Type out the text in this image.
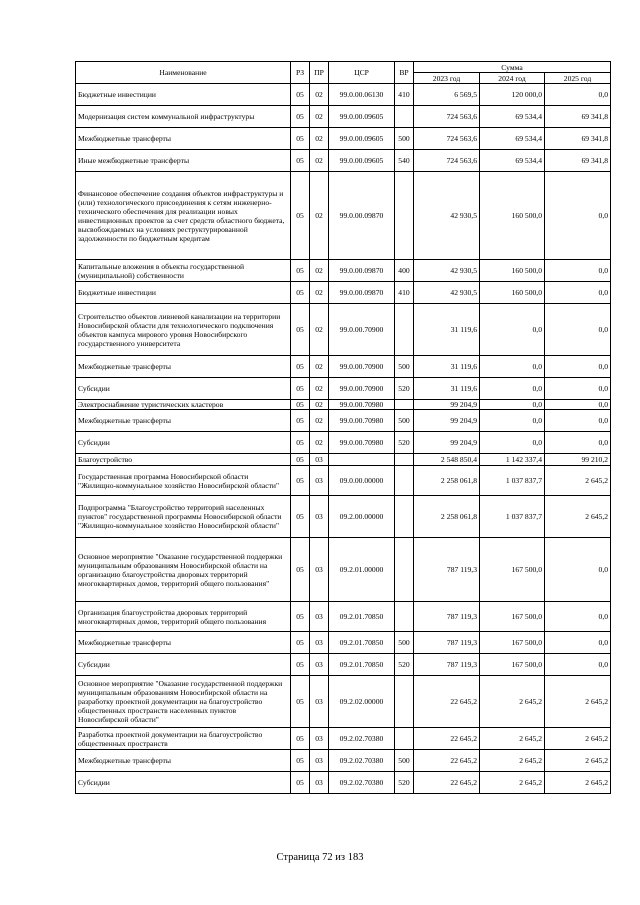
Наименование	РЗ	ПР	ЦСР	ВР	Сумма		
					2023 год	2024 год	2025 год
Бюджетные инвестиции	05	02	99.0.00.06130	410	6 569,5	120 000,0	0,0
Модернизация систем коммунальной инфраструктуры	05	02	99.0.00.09605		724 563,6	69 534,4	69 341,8
Межбюджетные трансферты	05	02	99.0.00.09605	500	724 563,6	69 534,4	69 341,8
Иные межбюджетные трансферты	05	02	99.0.00.09605	540	724 563,6	69 534,4	69 341,8
Финансовое обеспечение создания объектов инфраструктуры и (или) технологического присоединения к сетям инженерно-технического обеспечения для реализации новых инвестиционных проектов за счет средств областного бюджета, высвобождаемых на условиях реструктурированной задолженности по бюджетным кредитам	05	02	99.0.00.09870		42 930,5	160 500,0	0,0
Капитальные вложения в объекты государственной (муниципальной) собственности	05	02	99.0.00.09870	400	42 930,5	160 500,0	0,0
Бюджетные инвестиции	05	02	99.0.00.09870	410	42 930,5	160 500,0	0,0
Строительство объектов ливневой канализации на территории Новосибирской области для технологического подключения объектов кампуса мирового уровня Новосибирского государственного университета	05	02	99.0.00.70900		31 119,6	0,0	0,0
Межбюджетные трансферты	05	02	99.0.00.70900	500	31 119,6	0,0	0,0
Субсидии	05	02	99.0.00.70900	520	31 119,6	0,0	0,0
Электроснабжение туристических кластеров	05	02	99.0.00.70980		99 204,9	0,0	0,0
Межбюджетные трансферты	05	02	99.0.00.70980	500	99 204,9	0,0	0,0
Субсидии	05	02	99.0.00.70980	520	99 204,9	0,0	0,0
Благоустройство	05	03			2 548 850,4	1 142 337,4	99 210,2
Государственная программа Новосибирской области "Жилищно-коммунальное хозяйство Новосибирской области"	05	03	09.0.00.00000		2 258 061,8	1 037 837,7	2 645,2
Подпрограмма "Благоустройство территорий населенных пунктов" государственной программы Новосибирской области "Жилищно-коммунальное хозяйство Новосибирской области"	05	03	09.2.00.00000		2 258 061,8	1 037 837,7	2 645,2
Основное мероприятие "Оказание государственной поддержки муниципальным образованиям Новосибирской области на организацию благоустройства дворовых территорий многоквартирных домов, территорий общего пользования"	05	03	09.2.01.00000		787 119,3	167 500,0	0,0
Организация благоустройства дворовых территорий многоквартирных домов, территорий общего пользования	05	03	09.2.01.70850		787 119,3	167 500,0	0,0
Межбюджетные трансферты	05	03	09.2.01.70850	500	787 119,3	167 500,0	0,0
Субсидии	05	03	09.2.01.70850	520	787 119,3	167 500,0	0,0
Основное мероприятие "Оказание государственной поддержки муниципальным образованиям Новосибирской области на разработку проектной документации на благоустройство общественных пространств населенных пунктов Новосибирской области"	05	03	09.2.02.00000		22 645,2	2 645,2	2 645,2
Разработка проектной документации на благоустройство общественных пространств	05	03	09.2.02.70380		22 645,2	2 645,2	2 645,2
Межбюджетные трансферты	05	03	09.2.02.70380	500	22 645,2	2 645,2	2 645,2
Субсидии	05	03	09.2.02.70380	520	22 645,2	2 645,2	2 645,2
Страница 72 из 183
